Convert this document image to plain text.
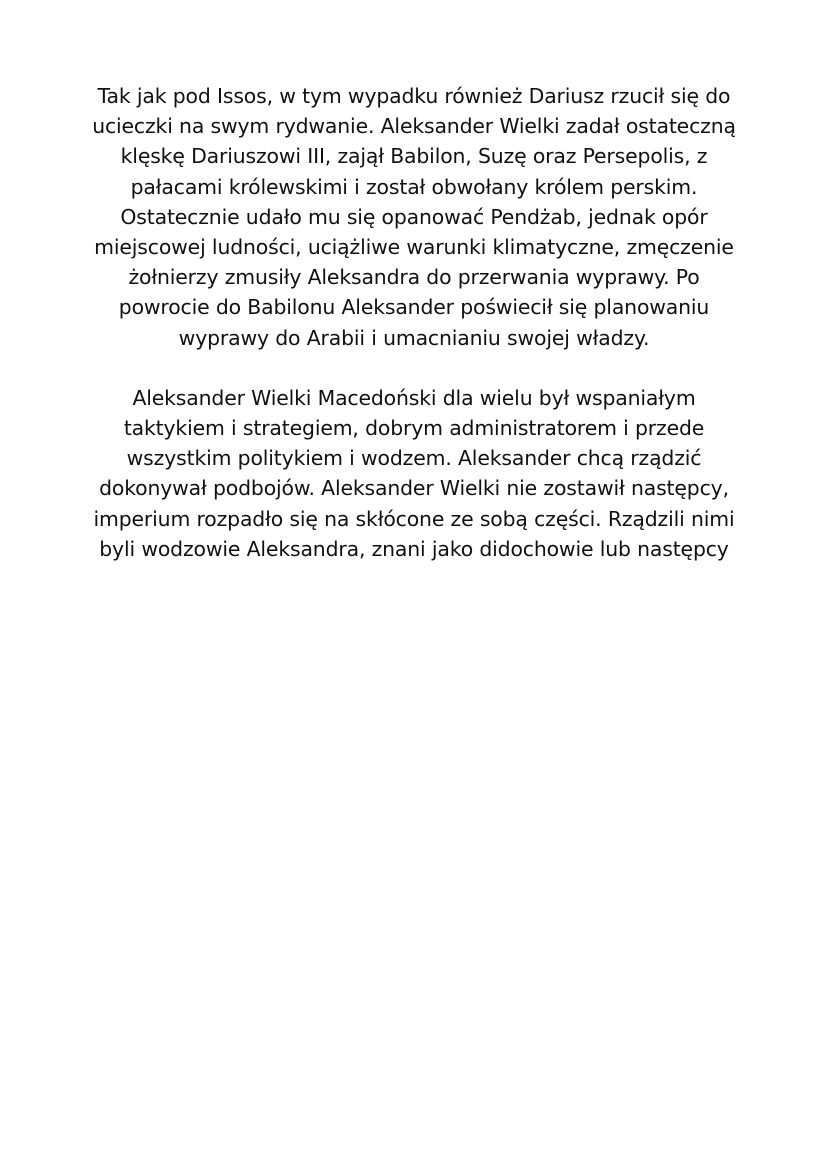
Tak jak pod Issos, w tym wypadku również Dariusz rzucił się do
ucieczki na swym rydwanie. Aleksander Wielki zadał ostateczną
klęskę Dariuszowi III, zajął Babilon, Suzę oraz Persepolis, z
pałacami królewskimi i został obwołany królem perskim.
Ostatecznie udało mu się opanować Pendżab, jednak opór
miejscowej ludności, uciążliwe warunki klimatyczne, zmęczenie
żołnierzy zmusiły Aleksandra do przerwania wyprawy. Po
powrocie do Babilonu Aleksander poświecił się planowaniu
wyprawy do Arabii i umacnianiu swojej władzy.

Aleksander Wielki Macedoński dla wielu był wspaniałym
taktykiem i strategiem, dobrym administratorem i przede
wszystkim politykiem i wodzem. Aleksander chcą rządzić
dokonywał podbojów. Aleksander Wielki nie zostawił następcy,
imperium rozpadło się na skłócone ze sobą części. Rządzili nimi
byli wodzowie Aleksandra, znani jako didochowie lub następcy
